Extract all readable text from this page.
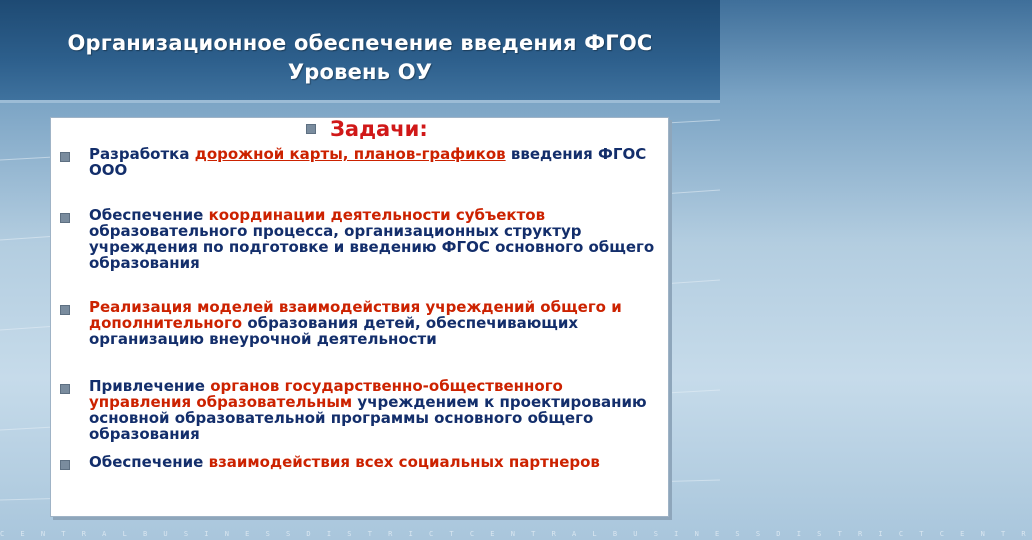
Организационное обеспечение введения ФГОС
Уровень ОУ
Задачи:
Разработка дорожной карты, планов-графиков введения ФГОС ООО
Обеспечение координации деятельности субъектов образовательного процесса, организационных структур учреждения по подготовке и введению ФГОС основного общего образования
Реализация моделей взаимодействия учреждений общего и дополнительного образования детей, обеспечивающих организацию внеурочной деятельности
Привлечение органов государственно-общественного управления образовательным учреждением к проектированию основной образовательной программы основного общего образования
Обеспечение взаимодействия всех социальных партнеров
C E N T R A L B U S I N E S S D I S T R I C T C E N T R A L B U S I N E S S D I S T R I C T C E N T R
